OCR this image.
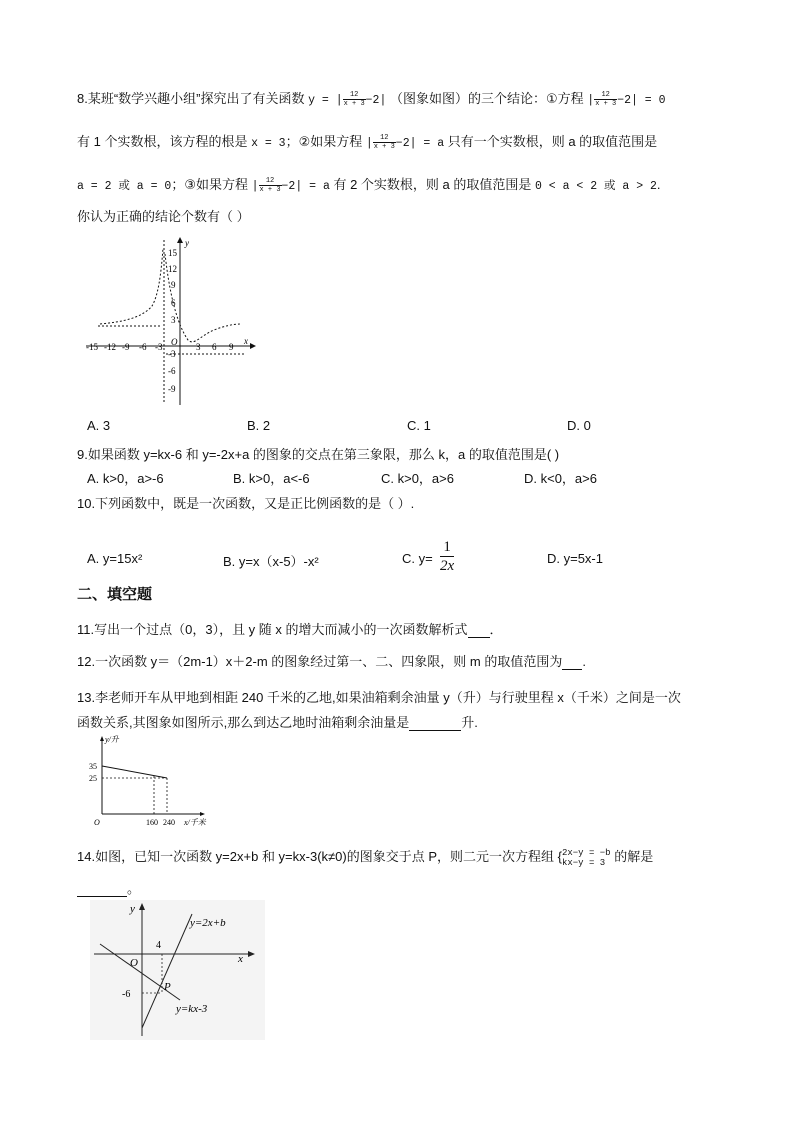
8.某班“数学兴趣小组”探究出了有关函数 y = | $\frac{12}{x + 3} -2|$ （图象如图）的三个结论：①方程 | $\frac{12}{x + 3} -2| = 0$
有 1 个实数根，该方程的根是 x = 3；②如果方程 | $\frac{12}{x + 3} -2| = a$ 只有一个实数根，则 a 的取值范围是
a = 2 或 a = 0；③如果方程 | $\frac{12}{x + 3} -2| = a$ 有 2 个实数根，则 a 的取值范围是 0 < a < 2 或 a > 2.
你认为正确的结论个数有（ ）
y
x
15
12
9
6
3
-3
-6
-9
-15 -12 -9 -6 -3 O 3 6 9
A. 3	B. 2	C. 1	D. 0
9.如果函数 y=kx-6 和 y=-2x+a 的图象的交点在第三象限，那么 k，a 的取值范围是( )
A. k>0，a>-6	B. k>0，a<-6	C. k>0，a>6	D. k<0，a>6
10.下列函数中，既是一次函数，又是正比例函数的是（ ）.
A. y=15x²	B. y=x（x-5）-x²	C. $y= \frac{1}{2x}$	D. y=5x-1
二、填空题
11.写出一个过点（0，3），且 y 随 x 的增大而减小的一次函数解析式 ．
12.一次函数 y＝（2m-1）x＋2-m 的图象经过第一、二、四象限，则 m 的取值范围为 .
13.李老师开车从甲地到相距 240 千米的乙地,如果油箱剩余油量 y（升）与行驶里程 x（千米）之间是一次
函数关系,其图象如图所示,那么到达乙地时油箱剩余油量是	升.
y/升
35
25
O	160 240 x/千米
14.如图，已知一次函数 y=2x+b 和 y=kx-3(k≠0)的图象交于点 P，则二元一次方程组 { 2x−y = −b
kx−y = 3 的解是
。
y
x
O
4
-6
y=2x+b
y=kx-3
P
